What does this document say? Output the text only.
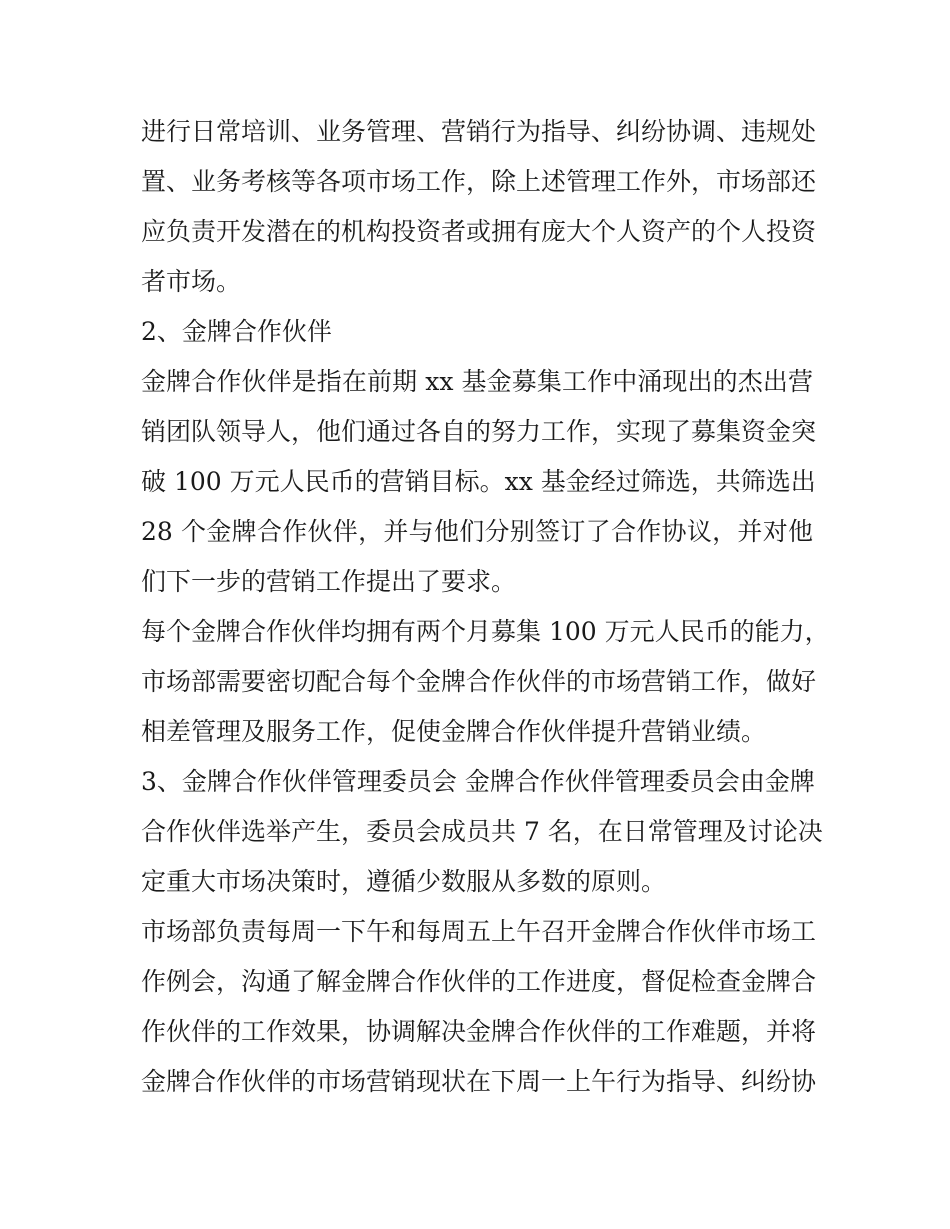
进行日常培训、业务管理、营销行为指导、纠纷协调、违规处
置、业务考核等各项市场工作，除上述管理工作外，市场部还
应负责开发潜在的机构投资者或拥有庞大个人资产的个人投资
者市场。

2、金牌合作伙伴

金牌合作伙伴是指在前期 xx 基金募集工作中涌现出的杰出营
销团队领导人，他们通过各自的努力工作，实现了募集资金突
破 100 万元人民币的营销目标。xx 基金经过筛选，共筛选出
28 个金牌合作伙伴，并与他们分别签订了合作协议，并对他
们下一步的营销工作提出了要求。

每个金牌合作伙伴均拥有两个月募集 100 万元人民币的能力，
市场部需要密切配合每个金牌合作伙伴的市场营销工作，做好
相差管理及服务工作，促使金牌合作伙伴提升营销业绩。

3、金牌合作伙伴管理委员会 金牌合作伙伴管理委员会由金牌
合作伙伴选举产生，委员会成员共 7 名，在日常管理及讨论决
定重大市场决策时，遵循少数服从多数的原则。

市场部负责每周一下午和每周五上午召开金牌合作伙伴市场工
作例会，沟通了解金牌合作伙伴的工作进度，督促检查金牌合
作伙伴的工作效果，协调解决金牌合作伙伴的工作难题，并将
金牌合作伙伴的市场营销现状在下周一上午行为指导、纠纷协
